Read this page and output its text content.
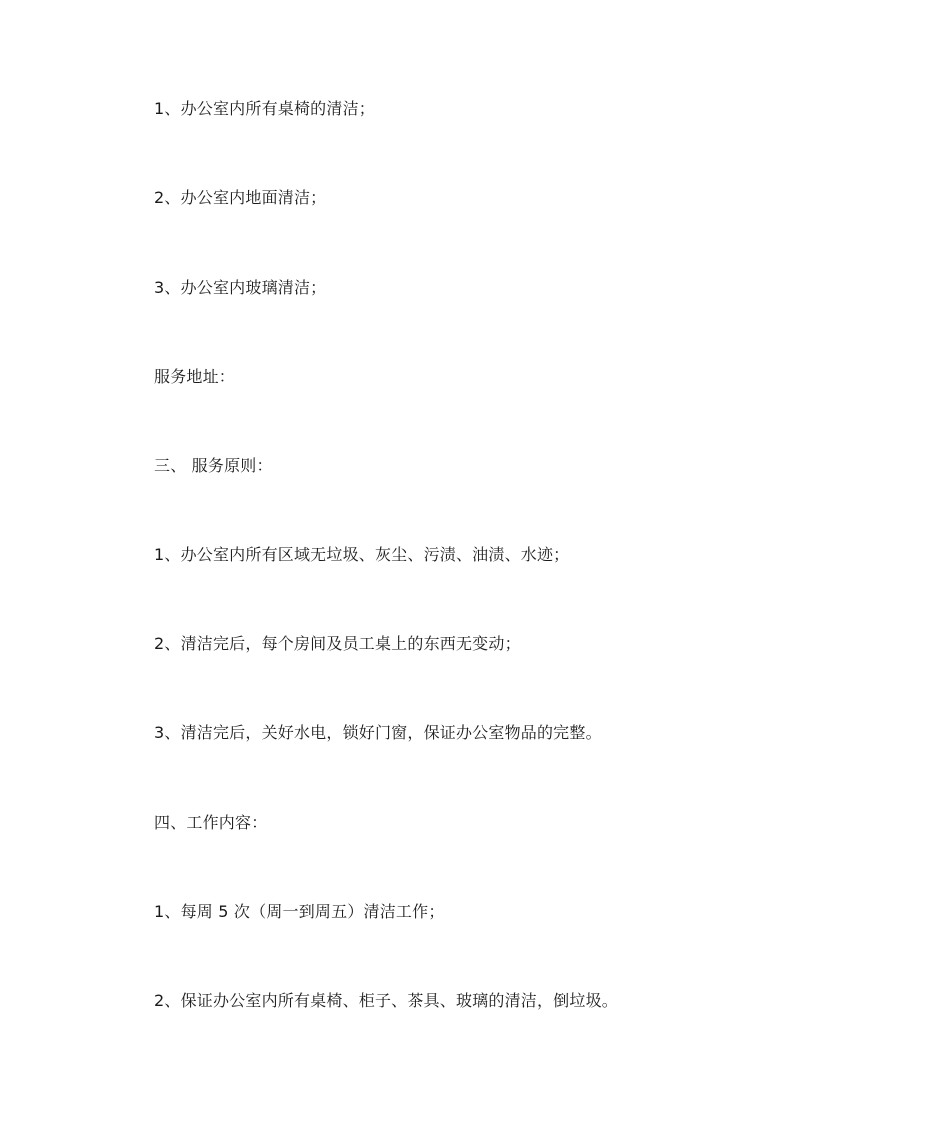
1、办公室内所有桌椅的清洁；
2、办公室内地面清洁；
3、办公室内玻璃清洁；
服务地址：
三、 服务原则：
1、办公室内所有区域无垃圾、灰尘、污渍、油渍、水迹；
2、清洁完后，每个房间及员工桌上的东西无变动；
3、清洁完后，关好水电，锁好门窗，保证办公室物品的完整。
四、工作内容：
1、每周 5 次（周一到周五）清洁工作；
2、保证办公室内所有桌椅、柜子、茶具、玻璃的清洁，倒垃圾。
